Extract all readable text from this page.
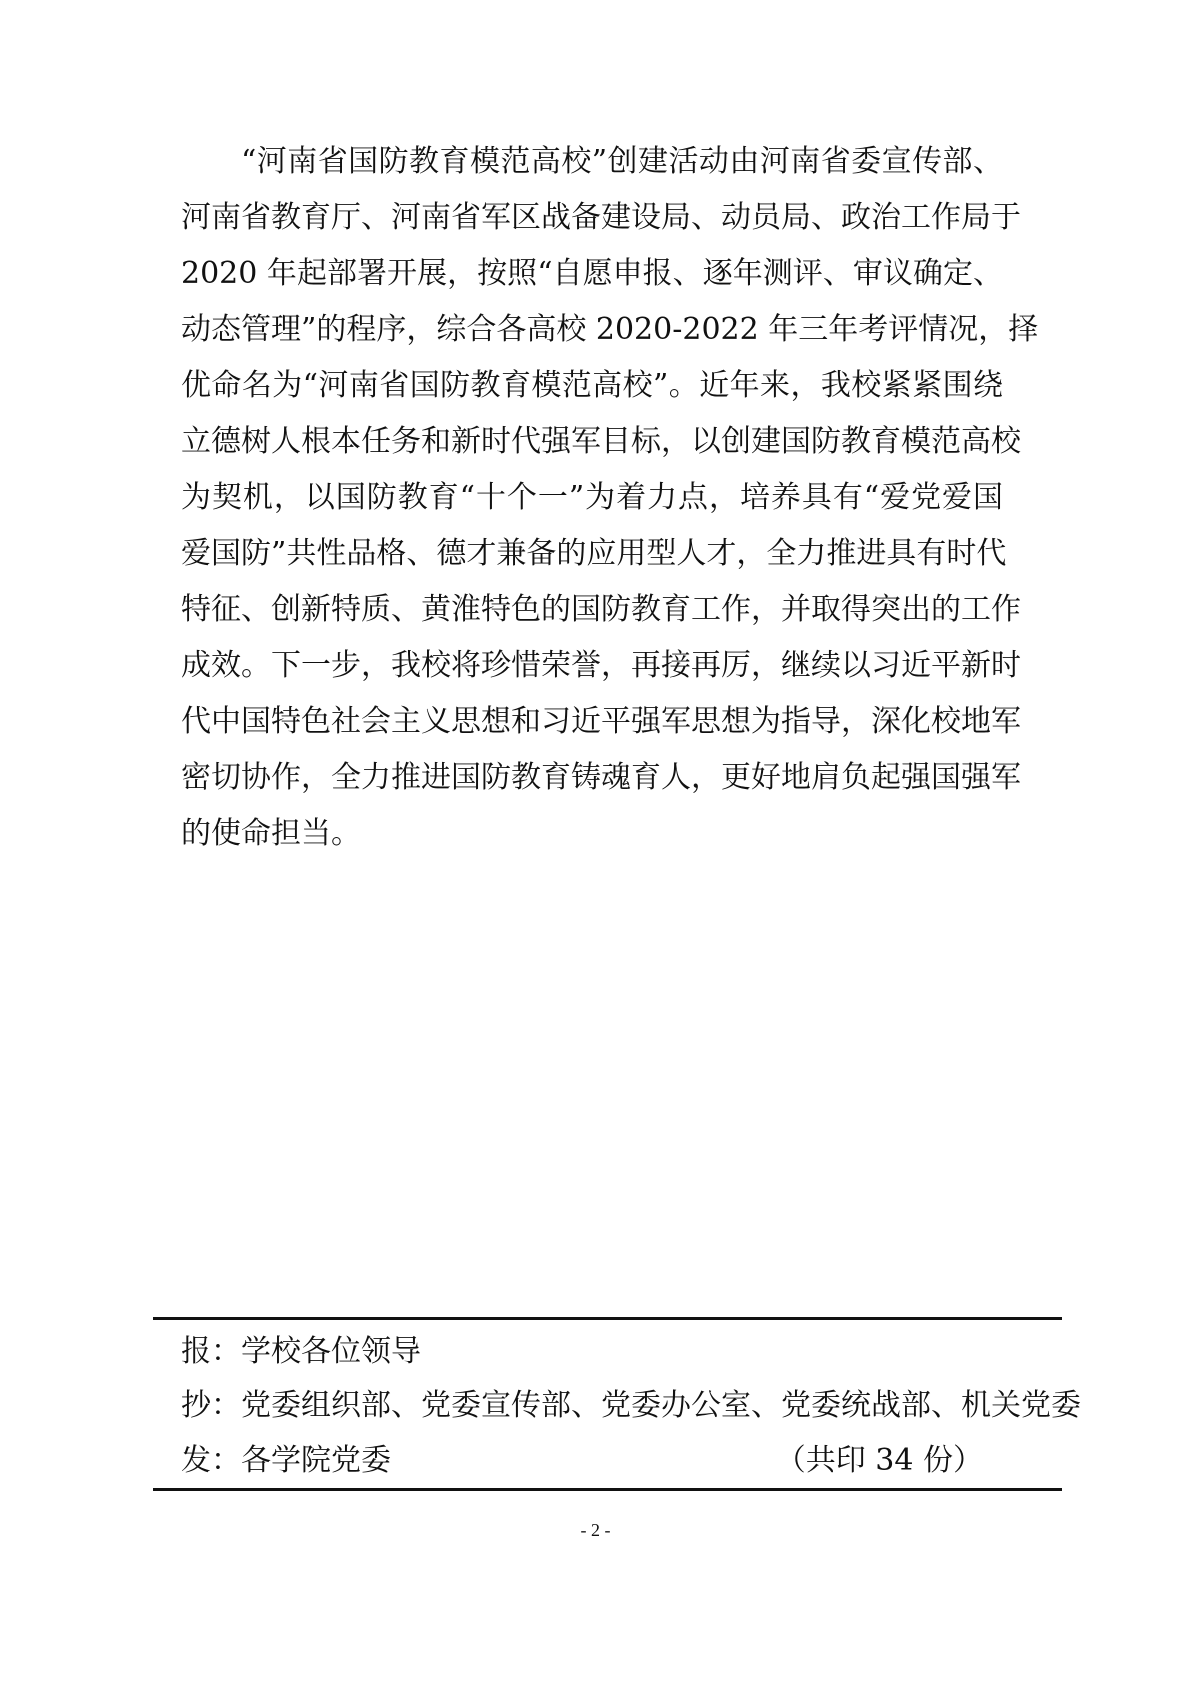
“河南省国防教育模范高校”创建活动由河南省委宣传部、
河南省教育厅、河南省军区战备建设局、动员局、政治工作局于
2020 年起部署开展，按照“自愿申报、逐年测评、审议确定、
动态管理”的程序，综合各高校 2020-2022 年三年考评情况，择
优命名为“河南省国防教育模范高校”。近年来，我校紧紧围绕
立德树人根本任务和新时代强军目标，以创建国防教育模范高校
为契机，以国防教育“十个一”为着力点，培养具有“爱党爱国
爱国防”共性品格、德才兼备的应用型人才，全力推进具有时代
特征、创新特质、黄淮特色的国防教育工作，并取得突出的工作
成效。下一步，我校将珍惜荣誉，再接再厉，继续以习近平新时
代中国特色社会主义思想和习近平强军思想为指导，深化校地军
密切协作，全力推进国防教育铸魂育人，更好地肩负起强国强军
的使命担当。
报：学校各位领导
抄：党委组织部、党委宣传部、党委办公室、党委统战部、机关党委
发：各学院党委	（共印 34 份）
- 2 -
